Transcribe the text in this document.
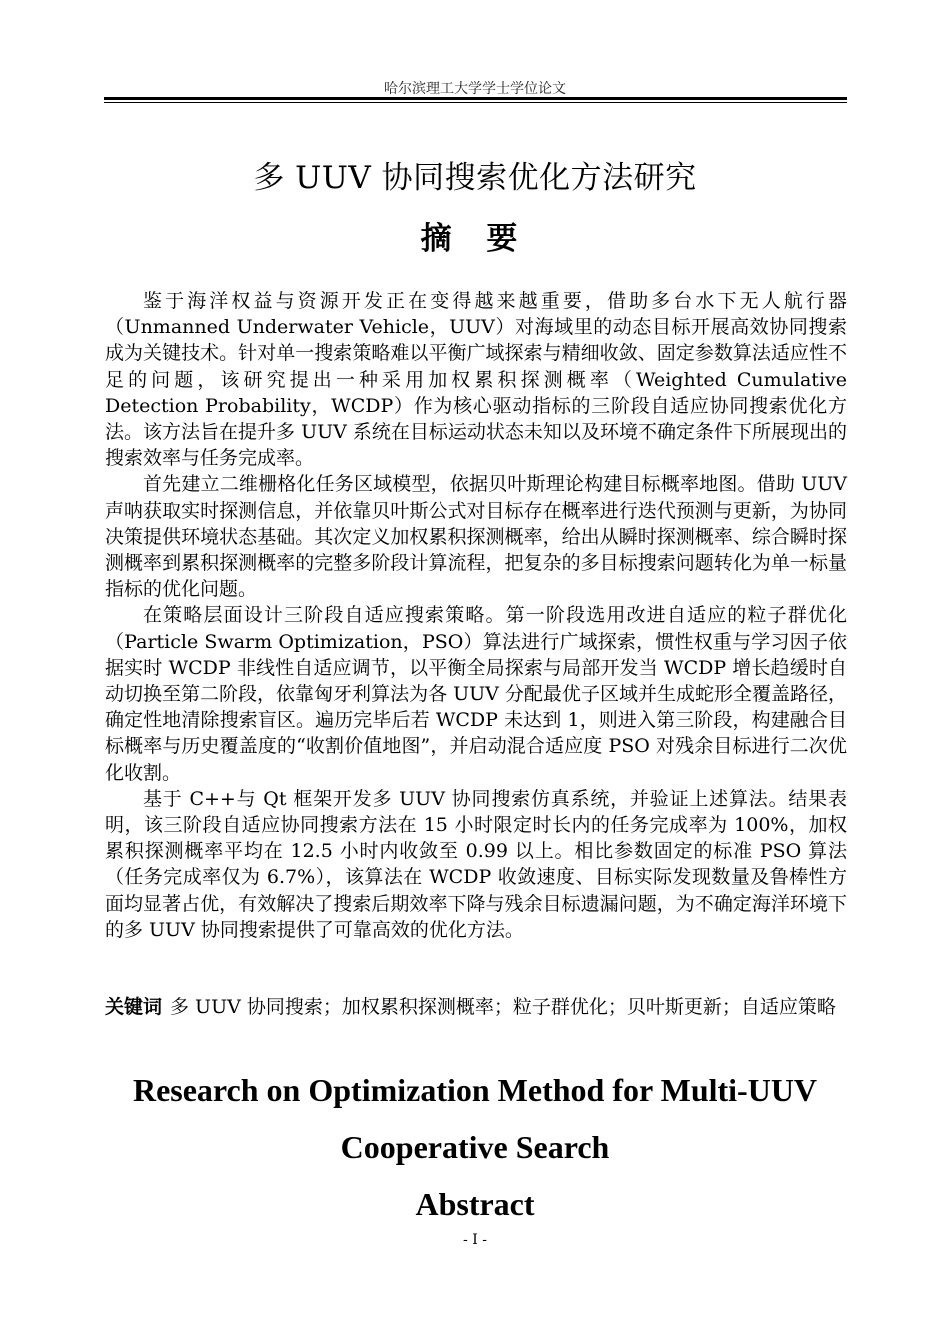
哈尔滨理工大学学士学位论文
多 UUV 协同搜索优化方法研究
摘 要

鉴于海洋权益与资源开发正在变得越来越重要，借助多台水下无人航行器（Unmanned Underwater Vehicle，UUV）对海域里的动态目标开展高效协同搜索成为关键技术。针对单一搜索策略难以平衡广域探索与精细收敛、固定参数算法适应性不足的问题，该研究提出一种采用加权累积探测概率（Weighted Cumulative Detection Probability，WCDP）作为核心驱动指标的三阶段自适应协同搜索优化方法。该方法旨在提升多 UUV 系统在目标运动状态未知以及环境不确定条件下所展现出的搜索效率与任务完成率。

首先建立二维栅格化任务区域模型，依据贝叶斯理论构建目标概率地图。借助 UUV 声呐获取实时探测信息，并依靠贝叶斯公式对目标存在概率进行迭代预测与更新，为协同决策提供环境状态基础。其次定义加权累积探测概率，给出从瞬时探测概率、综合瞬时探测概率到累积探测概率的完整多阶段计算流程，把复杂的多目标搜索问题转化为单一标量指标的优化问题。

在策略层面设计三阶段自适应搜索策略。第一阶段选用改进自适应的粒子群优化（Particle Swarm Optimization，PSO）算法进行广域探索，惯性权重与学习因子依据实时 WCDP 非线性自适应调节，以平衡全局探索与局部开发当 WCDP 增长趋缓时自动切换至第二阶段，依靠匈牙利算法为各 UUV 分配最优子区域并生成蛇形全覆盖路径，确定性地清除搜索盲区。遍历完毕后若 WCDP 未达到 1，则进入第三阶段，构建融合目标概率与历史覆盖度的“收割价值地图”，并启动混合适应度 PSO 对残余目标进行二次优化收割。

基于 C++与 Qt 框架开发多 UUV 协同搜索仿真系统，并验证上述算法。结果表明，该三阶段自适应协同搜索方法在 15 小时限定时长内的任务完成率为 100%，加权累积探测概率平均在 12.5 小时内收敛至 0.99 以上。相比参数固定的标准 PSO 算法（任务完成率仅为 6.7%），该算法在 WCDP 收敛速度、目标实际发现数量及鲁棒性方面均显著占优，有效解决了搜索后期效率下降与残余目标遗漏问题，为不确定海洋环境下的多 UUV 协同搜索提供了可靠高效的优化方法。

关键词 多 UUV 协同搜索；加权累积探测概率；粒子群优化；贝叶斯更新；自适应策略
Research on Optimization Method for Multi-UUV
Cooperative Search
Abstract
- I -
